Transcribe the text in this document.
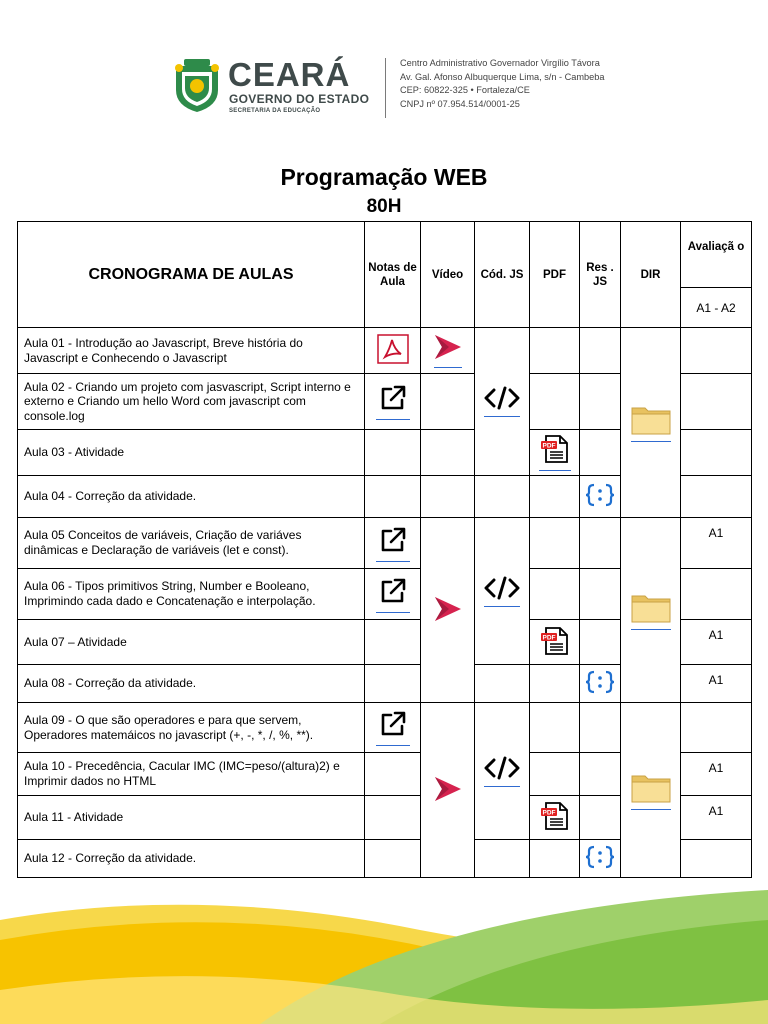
CEARÁ
GOVERNO DO ESTADO
SECRETARIA DA EDUCAÇÃO
Centro Administrativo Governador Virgílio Távora
Av. Gal. Afonso Albuquerque Lima, s/n - Cambeba
CEP: 60822-325 • Fortaleza/CE
CNPJ nº 07.954.514/0001-25
Programação WEB
80H
CRONOGRAMA DE AULAS	Notas de Aula	Vídeo	Cód. JS	PDF	Res . JS	DIR	Avaliaçã o
							A1 - A2
Aula 01 - Introdução ao Javascript, Breve história do Javascript e Conhecendo o Javascript		

Aula 02 - Criando um projeto com jasvascript, Script interno e externo e Criando um hello Word com javascript com console.log	

Aula 03 - Atividade				PDF			

Aula 04 - Correção da atividade.						
Aula 05 Conceitos de variáveis, Criação de variáves dinâmicas e Declaração de variáveis (let e const).							A1
Aula 06 - Tipos primitivos String, Number e Booleano, Imprimindo cada dado e Concatenação e interpolação.	

Aula 07 – Atividade				PDF			A1
Aula 08 - Correção da atividade.							A1
Aula 09 - O que são operadores e para que servem, Operadores matemáicos no javascript (+, -, *, /, %, **).	

Aula 10 - Precedência, Cacular IMC (IMC=peso/(altura)2) e Imprimir dados no HTML							A1
Aula 11 - Atividade				PDF			A1
Aula 12 - Correção da atividade.					
